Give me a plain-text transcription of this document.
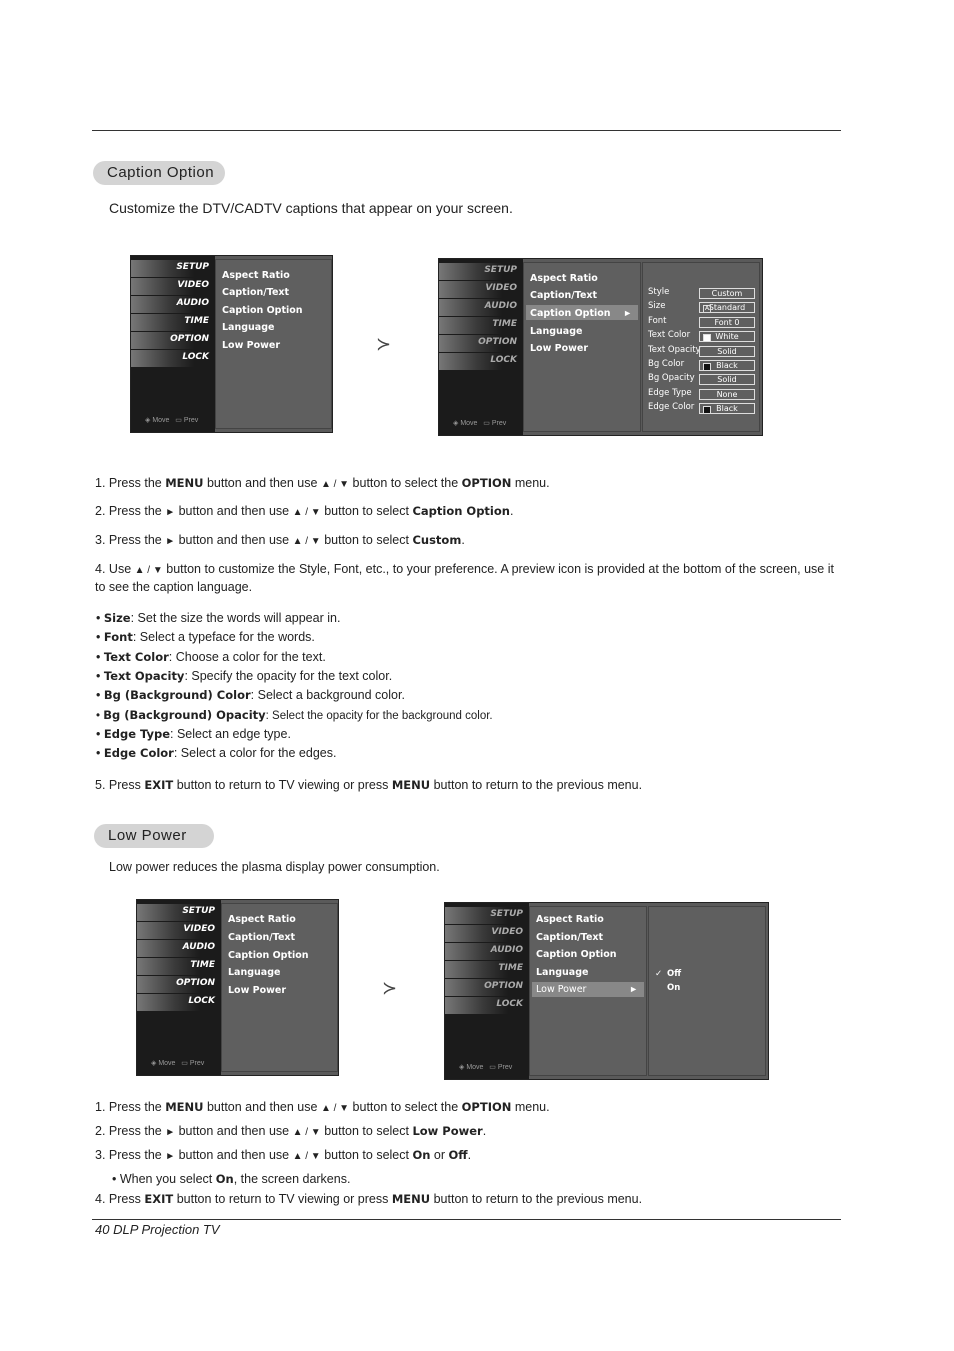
Caption Option
Customize the DTV/CADTV captions that appear on your screen.
SETUP
VIDEO
AUDIO
TIME
OPTION
LOCK
◈ Move   ▭ Prev
Aspect Ratio
Caption/Text
Caption Option
Language
Low Power	≻
SETUP
VIDEO
AUDIO
TIME
OPTION
LOCK
◈ Move   ▭ Prev
Aspect Ratio
Caption/Text
Caption Option ►
Language
Low Power
Style	Custom
Size	A Standard
Font	Font 0
Text Color	White
Text Opacity	Solid
Bg Color	Black
Bg Opacity	Solid
Edge Type	None
Edge Color	Black
1. Press the MENU button and then use ▲ / ▼ button to select the OPTION menu.
2. Press the ► button and then use ▲ / ▼ button to select Caption Option.
3. Press the ► button and then use ▲ / ▼ button to select Custom.
4. Use ▲ / ▼ button to customize the Style, Font, etc., to your preference. A preview icon is provided at the bottom of the screen, use it to see the caption language.
• Size: Set the size the words will appear in.
• Font: Select a typeface for the words.
• Text Color: Choose a color for the text.
• Text Opacity: Specify the opacity for the text color.
• Bg (Background) Color: Select a background color.
• Bg (Background) Opacity: Select the opacity for the background color.
• Edge Type: Select an edge type.
• Edge Color: Select a color for the edges.
5. Press EXIT button to return to TV viewing or press MENU button to return to the previous menu.
Low Power
Low power reduces the plasma display power consumption.
SETUP
VIDEO
AUDIO
TIME
OPTION
LOCK
◈ Move   ▭ Prev
Aspect Ratio
Caption/Text
Caption Option
Language
Low Power	≻
SETUP
VIDEO
AUDIO
TIME
OPTION
LOCK
◈ Move   ▭ Prev
Aspect Ratio
Caption/Text
Caption Option
Language
Low Power	►
✓ Off
On
1. Press the MENU button and then use ▲ / ▼ button to select the OPTION menu.
2. Press the ► button and then use ▲ / ▼ button to select Low Power.
3. Press the ► button and then use ▲ / ▼ button to select On or Off.
• When you select On, the screen darkens.
4. Press EXIT button to return to TV viewing or press MENU button to return to the previous menu.
40 DLP Projection TV
